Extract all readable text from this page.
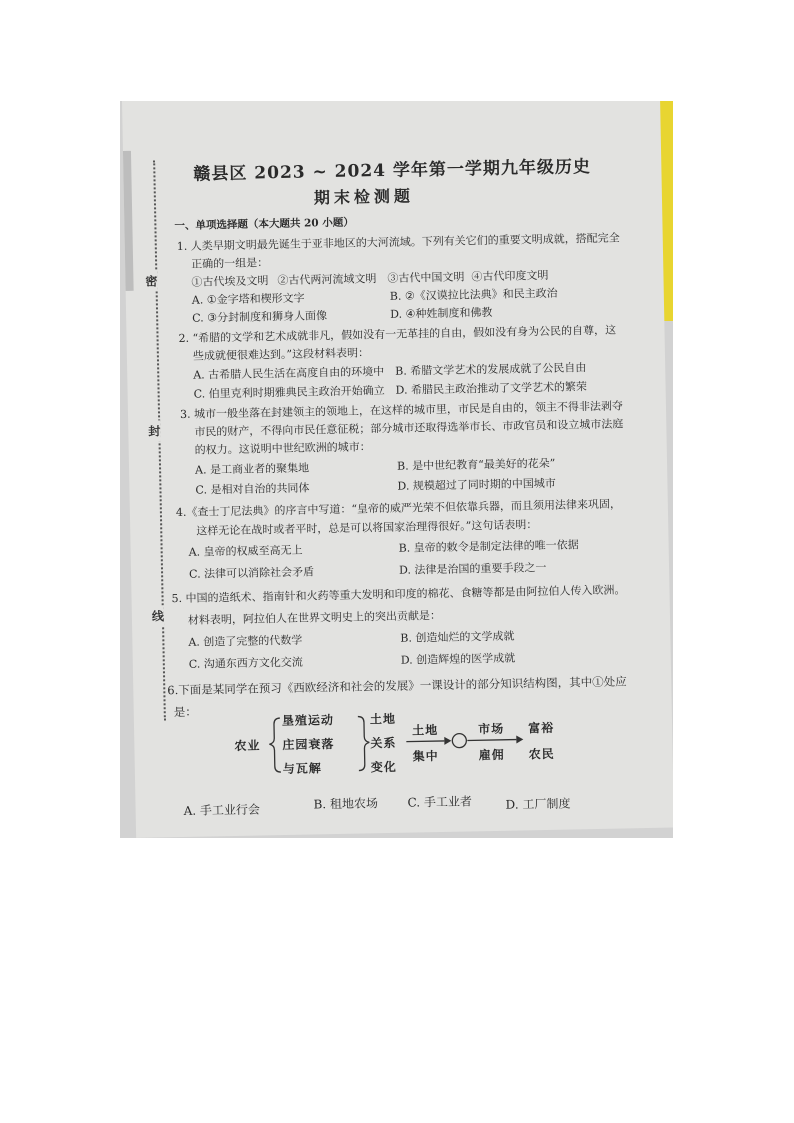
密
封
线
赣县区 2023 ~ 2024 学年第一学期九年级历史
期末检测题
一、单项选择题（本大题共 20 小题）
1. 人类早期文明最先诞生于亚非地区的大河流域。下列有关它们的重要文明成就，搭配完全
正确的一组是：
①古代埃及文明 ②古代两河流域文明 ③古代中国文明 ④古代印度文明
A. ①金字塔和楔形文字	B. ②《汉谟拉比法典》和民主政治
C. ③分封制度和狮身人面像	D. ④种姓制度和佛教
2. “希腊的文学和艺术成就非凡，假如没有一无革挂的自由，假如没有身为公民的自尊，这
些成就便很难达到。”这段材料表明：
A. 古希腊人民生活在高度自由的环境中 B. 希腊文学艺术的发展成就了公民自由
C. 伯里克利时期雅典民主政治开始确立 D. 希腊民主政治推动了文学艺术的繁荣
3. 城市一般坐落在封建领主的领地上，在这样的城市里，市民是自由的，领主不得非法剥夺
市民的财产，不得向市民任意征税；部分城市还取得选举市长、市政官员和设立城市法庭
的权力。这说明中世纪欧洲的城市：
A. 是工商业者的聚集地	B. 是中世纪教育“最美好的花朵”
C. 是相对自治的共同体	D. 规模超过了同时期的中国城市
4.《查士丁尼法典》的序言中写道：“皇帝的威严光荣不但依靠兵器，而且须用法律来巩固，
这样无论在战时或者平时，总是可以将国家治理得很好。”这句话表明：
A. 皇帝的权威至高无上	B. 皇帝的敕令是制定法律的唯一依据
C. 法律可以消除社会矛盾	D. 法律是治国的重要手段之一
5. 中国的造纸术、指南针和火药等重大发明和印度的棉花、食糖等都是由阿拉伯人传入欧洲。
材料表明，阿拉伯人在世界文明史上的突出贡献是：
A. 创造了完整的代数学	B. 创造灿烂的文学成就
C. 沟通东西方文化交流	D. 创造辉煌的医学成就
6.下面是某同学在预习《西欧经济和社会的发展》一课设计的部分知识结构图，其中①处应
是：
农业
垦殖运动
庄园衰落
与瓦解
土地
关系
变化
土地
集中
市场
雇佣
富裕
农民
A. 手工业行会	B. 租地农场 C. 手工业者	D. 工厂制度
